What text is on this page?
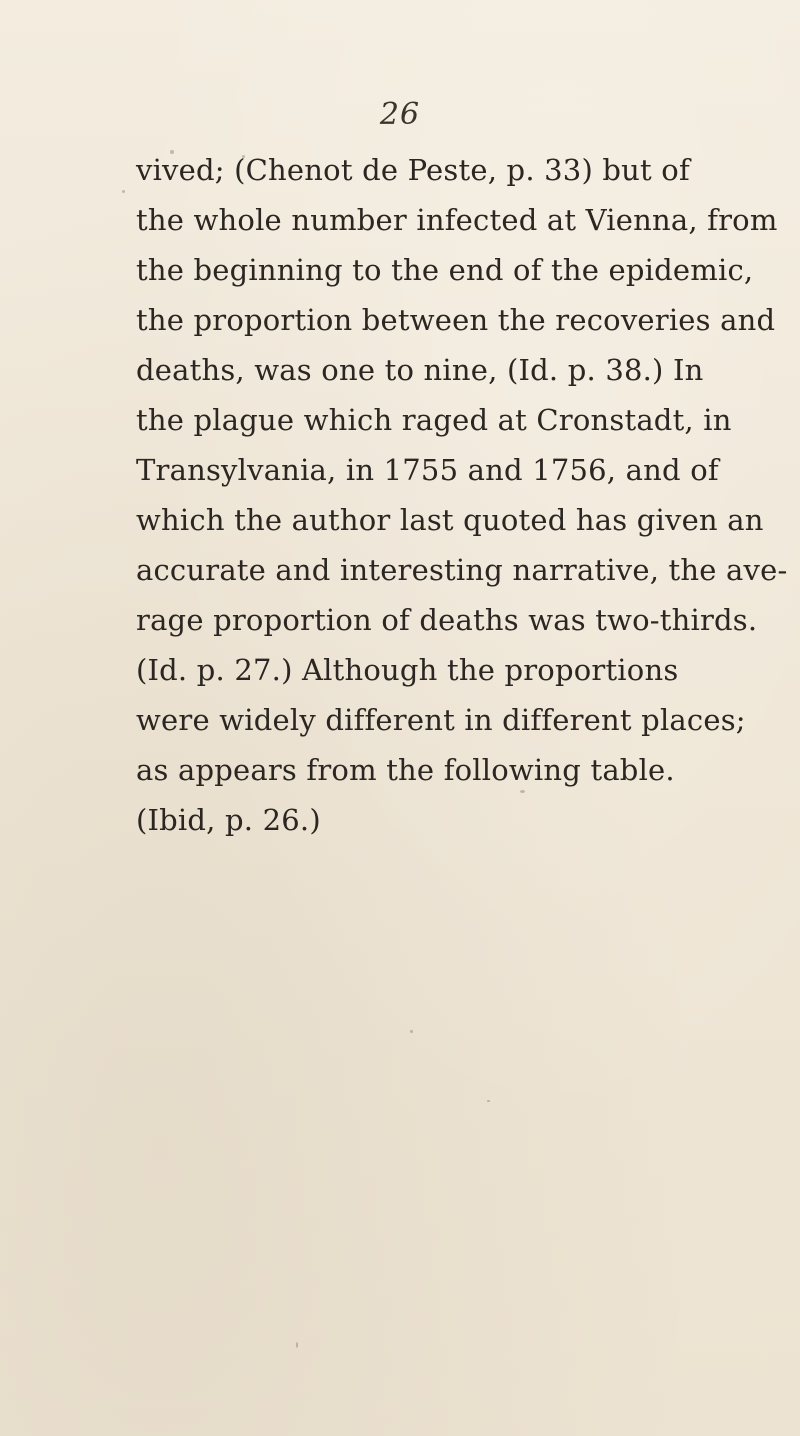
26
vived; (Chenot de Peste, p. 33) but of
the whole number infected at Vienna, from
the beginning to the end of the epidemic,
the proportion between the recoveries and
deaths, was one to nine, (Id. p. 38.) In
the plague which raged at Cronstadt, in
Transylvania, in 1755 and 1756, and of
which the author last quoted has given an
accurate and interesting narrative, the ave-
rage proportion of deaths was two-thirds.
(Id. p. 27.) Although the proportions
were widely different in different places;
as appears from the following table.
(Ibid, p. 26.)
